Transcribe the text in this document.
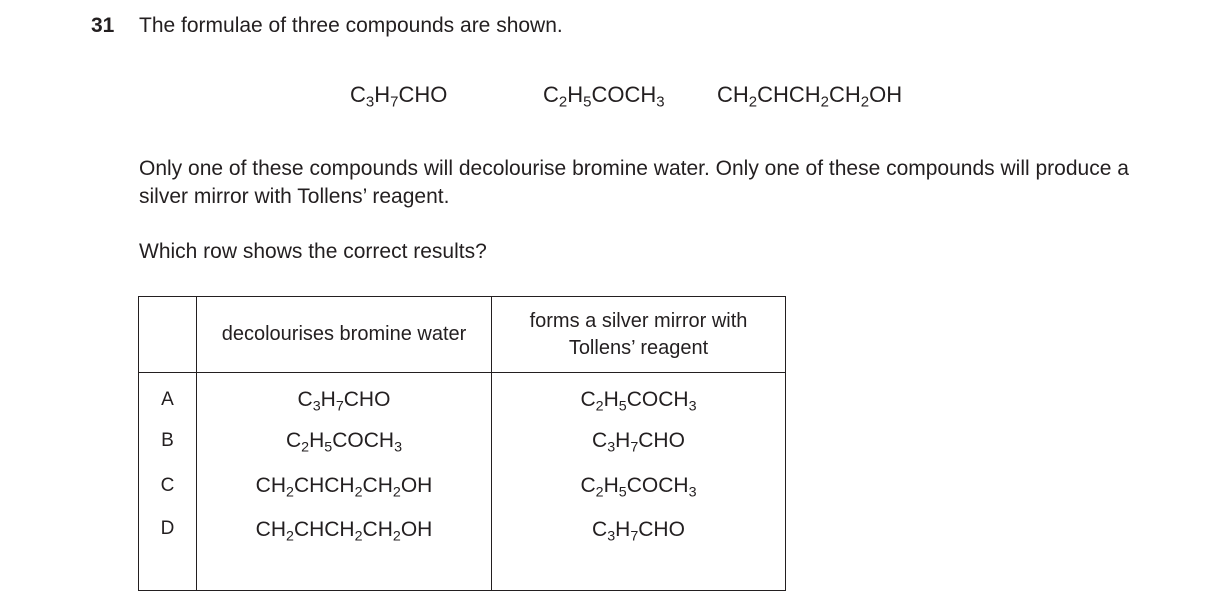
31 The formulae of three compounds are shown.
$C_3H_7CHO$	$C_2H_5COCH_3$ $CH_2CHCH_2CH_2OH$
Only one of these compounds will decolourise bromine water. Only one of these compounds will produce a silver mirror with Tollens’ reagent.
Which row shows the correct results?
	decolourises bromine water	forms a silver mirror with
Tollens’ reagent

A	$C_3H_7CHO$	$C_2H_5COCH_3$
B	$C_2H_5COCH_3$	$C_3H_7CHO$
C	$CH_2CHCH_2CH_2OH$	$C_2H_5COCH_3$
D	$CH_2CHCH_2CH_2OH$	$C_3H_7CHO$
